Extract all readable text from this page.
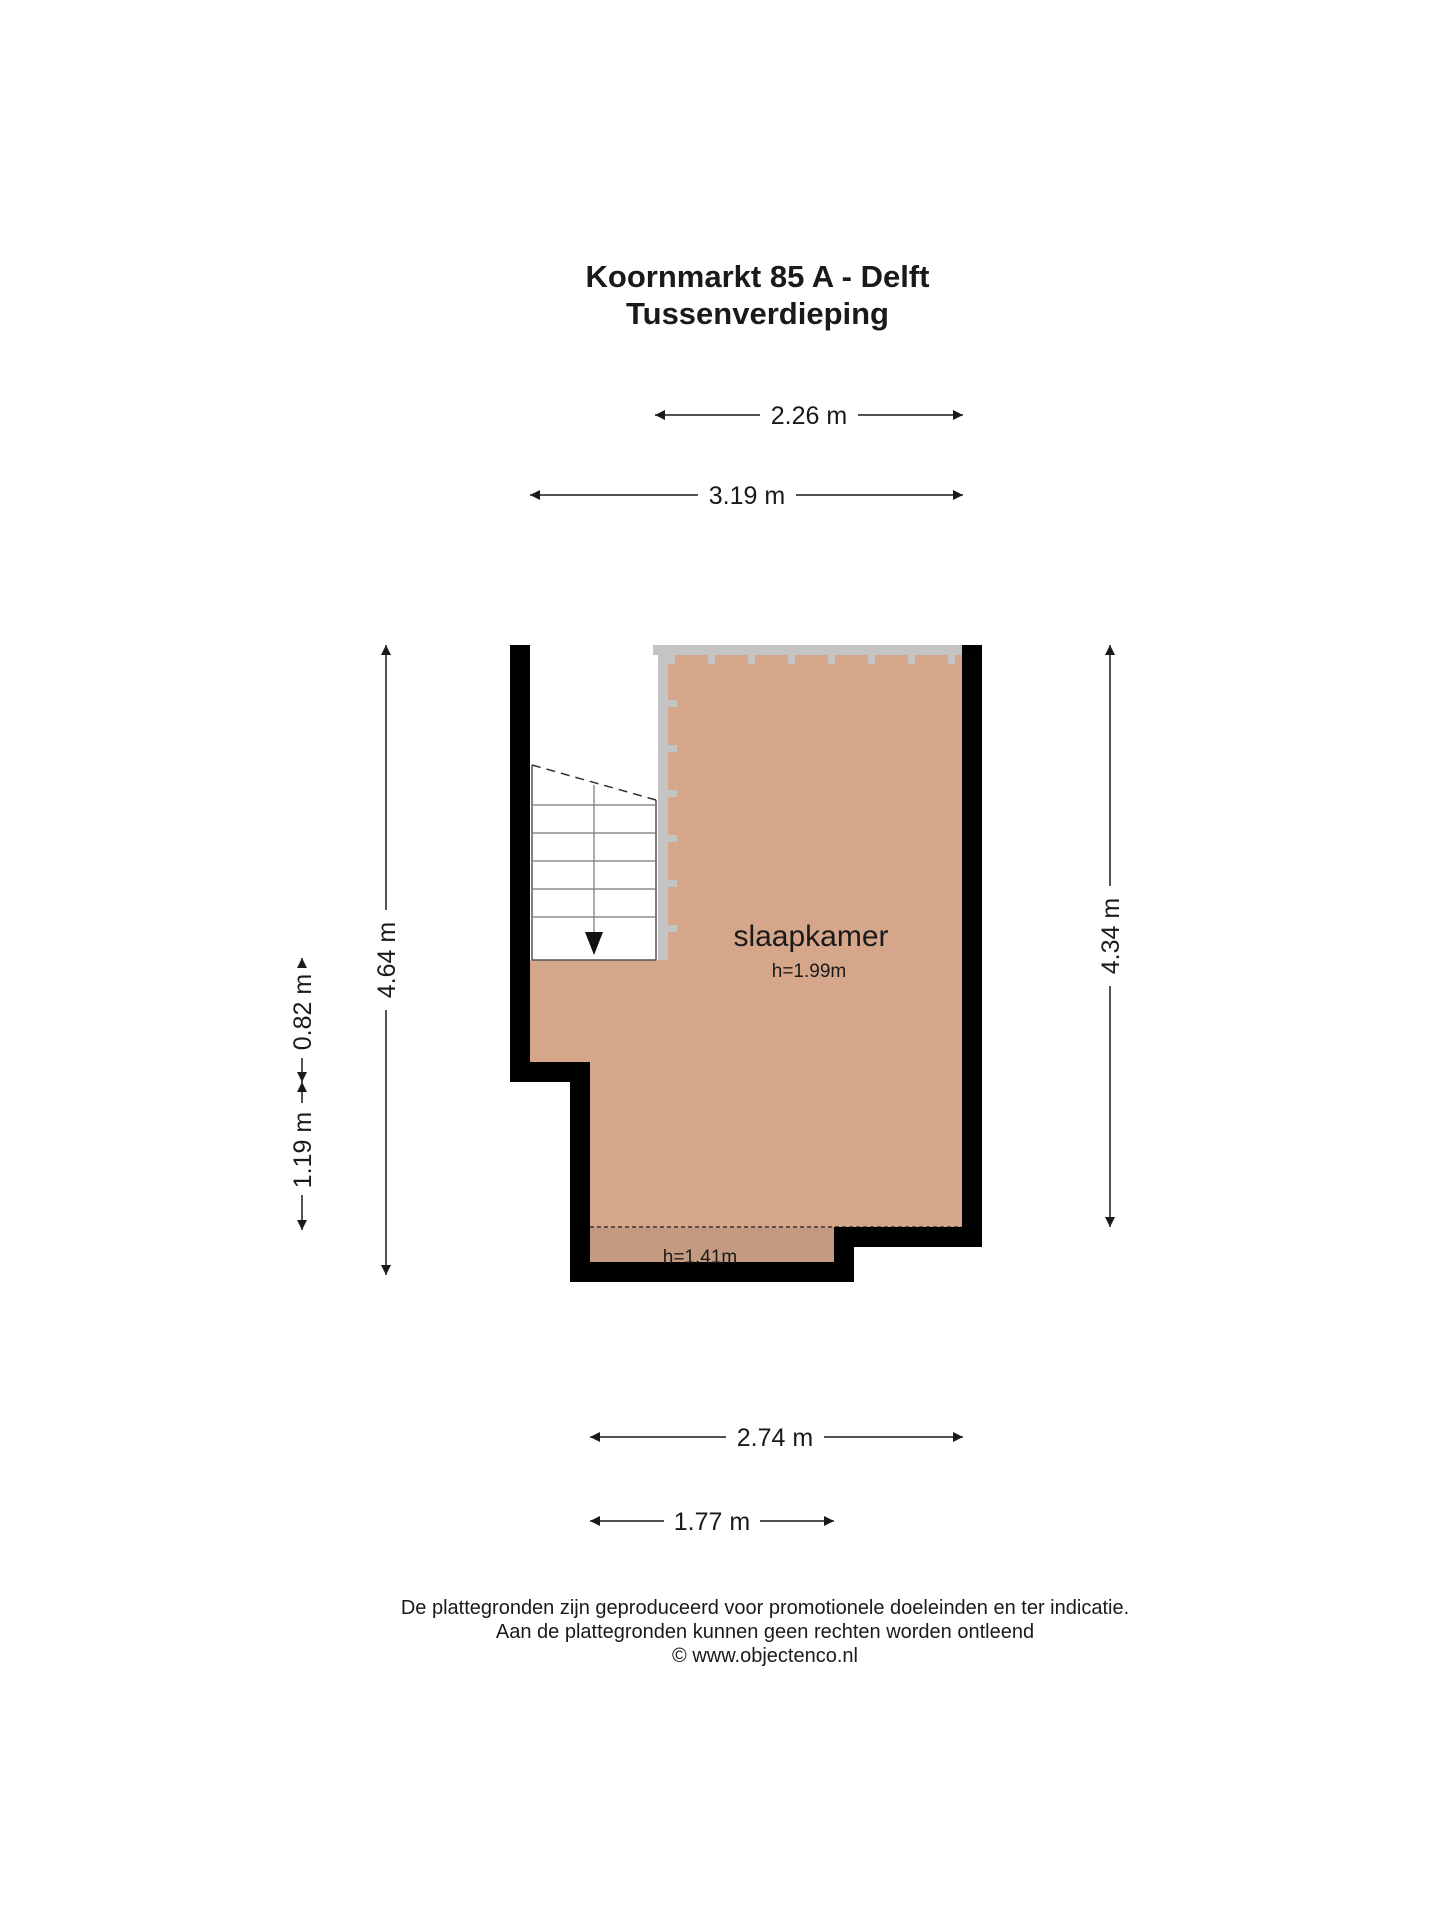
Koornmarkt 85 A - Delft
Tussenverdieping
slaapkamer
h=1.99m
h=1.41m
2.26 m
3.19 m
4.64 m
0.82 m
1.19 m
4.34 m
2.74 m
1.77 m
De plattegronden zijn geproduceerd voor promotionele doeleinden en ter indicatie.
Aan de plattegronden kunnen geen rechten worden ontleend
© www.objectenco.nl
